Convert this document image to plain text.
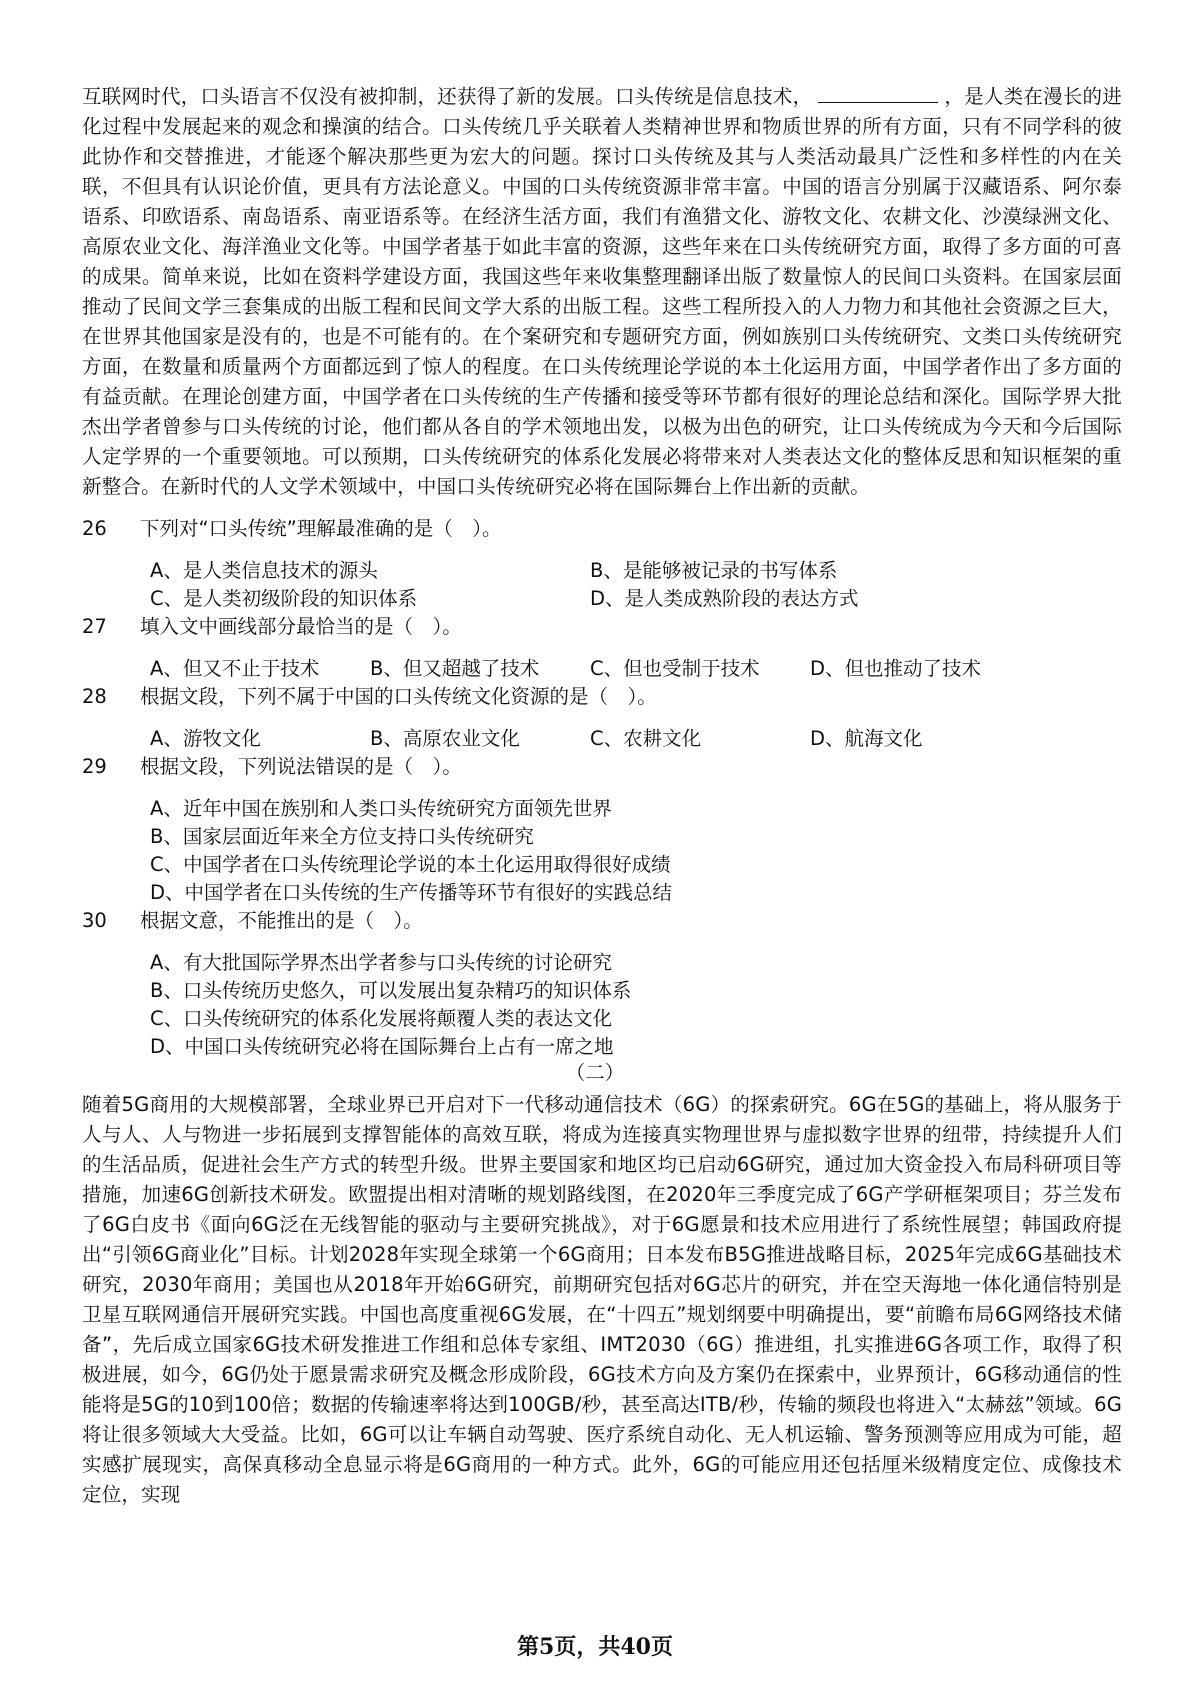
互联网时代，口头语言不仅没有被抑制，还获得了新的发展。口头传统是信息技术，	，是人类在漫长的进化过程中发展起来的观念和操演的结合。口头传统几乎关联着人类精神世界和物质世界的所有方面，只有不同学科的彼此协作和交替推进，才能逐个解决那些更为宏大的问题。探讨口头传统及其与人类活动最具广泛性和多样性的内在关联，不但具有认识论价值，更具有方法论意义。中国的口头传统资源非常丰富。中国的语言分别属于汉藏语系、阿尔泰语系、印欧语系、南岛语系、南亚语系等。在经济生活方面，我们有渔猎文化、游牧文化、农耕文化、沙漠绿洲文化、高原农业文化、海洋渔业文化等。中国学者基于如此丰富的资源，这些年来在口头传统研究方面，取得了多方面的可喜的成果。简单来说，比如在资料学建设方面，我国这些年来收集整理翻译出版了数量惊人的民间口头资料。在国家层面推动了民间文学三套集成的出版工程和民间文学大系的出版工程。这些工程所投入的人力物力和其他社会资源之巨大，在世界其他国家是没有的，也是不可能有的。在个案研究和专题研究方面，例如族别口头传统研究、文类口头传统研究方面，在数量和质量两个方面都远到了惊人的程度。在口头传统理论学说的本土化运用方面，中国学者作出了多方面的有益贡献。在理论创建方面，中国学者在口头传统的生产传播和接受等环节都有很好的理论总结和深化。国际学界大批杰出学者曾参与口头传统的讨论，他们都从各自的学术领地出发，以极为出色的研究，让口头传统成为今天和今后国际人定学界的一个重要领地。可以预期，口头传统研究的体系化发展必将带来对人类表达文化的整体反思和知识框架的重新整合。在新时代的人文学术领域中，中国口头传统研究必将在国际舞台上作出新的贡献。

26 下列对“口头传统”理解最准确的是（　）。
A、是人类信息技术的源头	B、是能够被记录的书写体系
C、是人类初级阶段的知识体系	D、是人类成熟阶段的表达方式
27 填入文中画线部分最恰当的是（　）。
A、但又不止于技术	B、但又超越了技术	C、但也受制于技术	D、但也推动了技术
28 根据文段，下列不属于中国的口头传统文化资源的是（　）。
A、游牧文化	B、高原农业文化	C、农耕文化	D、航海文化
29 根据文段，下列说法错误的是（　）。
A、近年中国在族别和人类口头传统研究方面领先世界
B、国家层面近年来全方位支持口头传统研究
C、中国学者在口头传统理论学说的本土化运用取得很好成绩
D、中国学者在口头传统的生产传播等环节有很好的实践总结
30 根据文意，不能推出的是（　）。
A、有大批国际学界杰出学者参与口头传统的讨论研究
B、口头传统历史悠久，可以发展出复杂精巧的知识体系
C、口头传统研究的体系化发展将颠覆人类的表达文化
D、中国口头传统研究必将在国际舞台上占有一席之地
（二）

随着5G商用的大规模部署，全球业界已开启对下一代移动通信技术（6G）的探索研究。6G在5G的基础上，将从服务于人与人、人与物进一步拓展到支撑智能体的高效互联，将成为连接真实物理世界与虚拟数字世界的纽带，持续提升人们的生活品质，促进社会生产方式的转型升级。世界主要国家和地区均已启动6G研究，通过加大资金投入布局科研项目等措施，加速6G创新技术研发。欧盟提出相对清晰的规划路线图，在2020年三季度完成了6G产学研框架项目；芬兰发布了6G白皮书《面向6G泛在无线智能的驱动与主要研究挑战》，对于6G愿景和技术应用进行了系统性展望；韩国政府提出“引领6G商业化”目标。计划2028年实现全球第一个6G商用；日本发布B5G推进战略目标，2025年完成6G基础技术研究，2030年商用；美国也从2018年开始6G研究，前期研究包括对6G芯片的研究，并在空天海地一体化通信特别是卫星互联网通信开展研究实践。中国也高度重视6G发展，在“十四五”规划纲要中明确提出，要“前瞻布局6G网络技术储备”，先后成立国家6G技术研发推进工作组和总体专家组、IMT2030（6G）推进组，扎实推进6G各项工作，取得了积极进展，如今，6G仍处于愿景需求研究及概念形成阶段，6G技术方向及方案仍在探索中，业界预计，6G移动通信的性能将是5G的10到100倍；数据的传输速率将达到100GB/秒，甚至高达ITB/秒，传输的频段也将进入“太赫兹”领域。6G将让很多领域大大受益。比如，6G可以让车辆自动驾驶、医疗系统自动化、无人机运输、警务预测等应用成为可能，超实感扩展现实，高保真移动全息显示将是6G商用的一种方式。此外，6G的可能应用还包括厘米级精度定位、成像技术定位，实现

第5页，共40页
